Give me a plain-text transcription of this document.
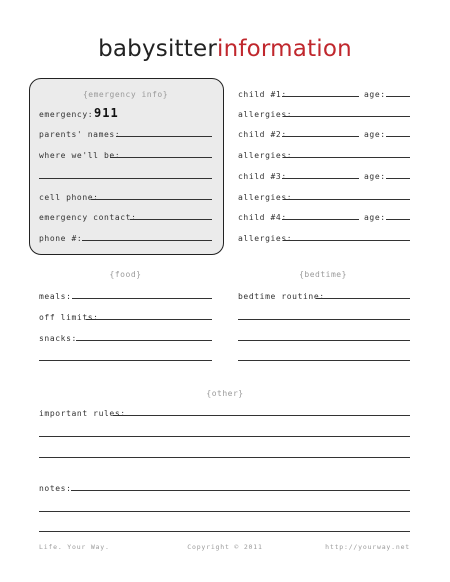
babysitterinformation
{emergency info}
emergency: 911
parents' names:
where we'll be:
cell phone:
emergency contact:
phone #:
child #1:	age:
allergies:
child #2:	age:
allergies:
child #3:	age:
allergies:
child #4:	age:
allergies:
{food}
meals:
off limits:
snacks:
{bedtime}
bedtime routine:
{other}
important rules:
notes:
Life. Your Way.	Copyright © 2011	http://yourway.net
